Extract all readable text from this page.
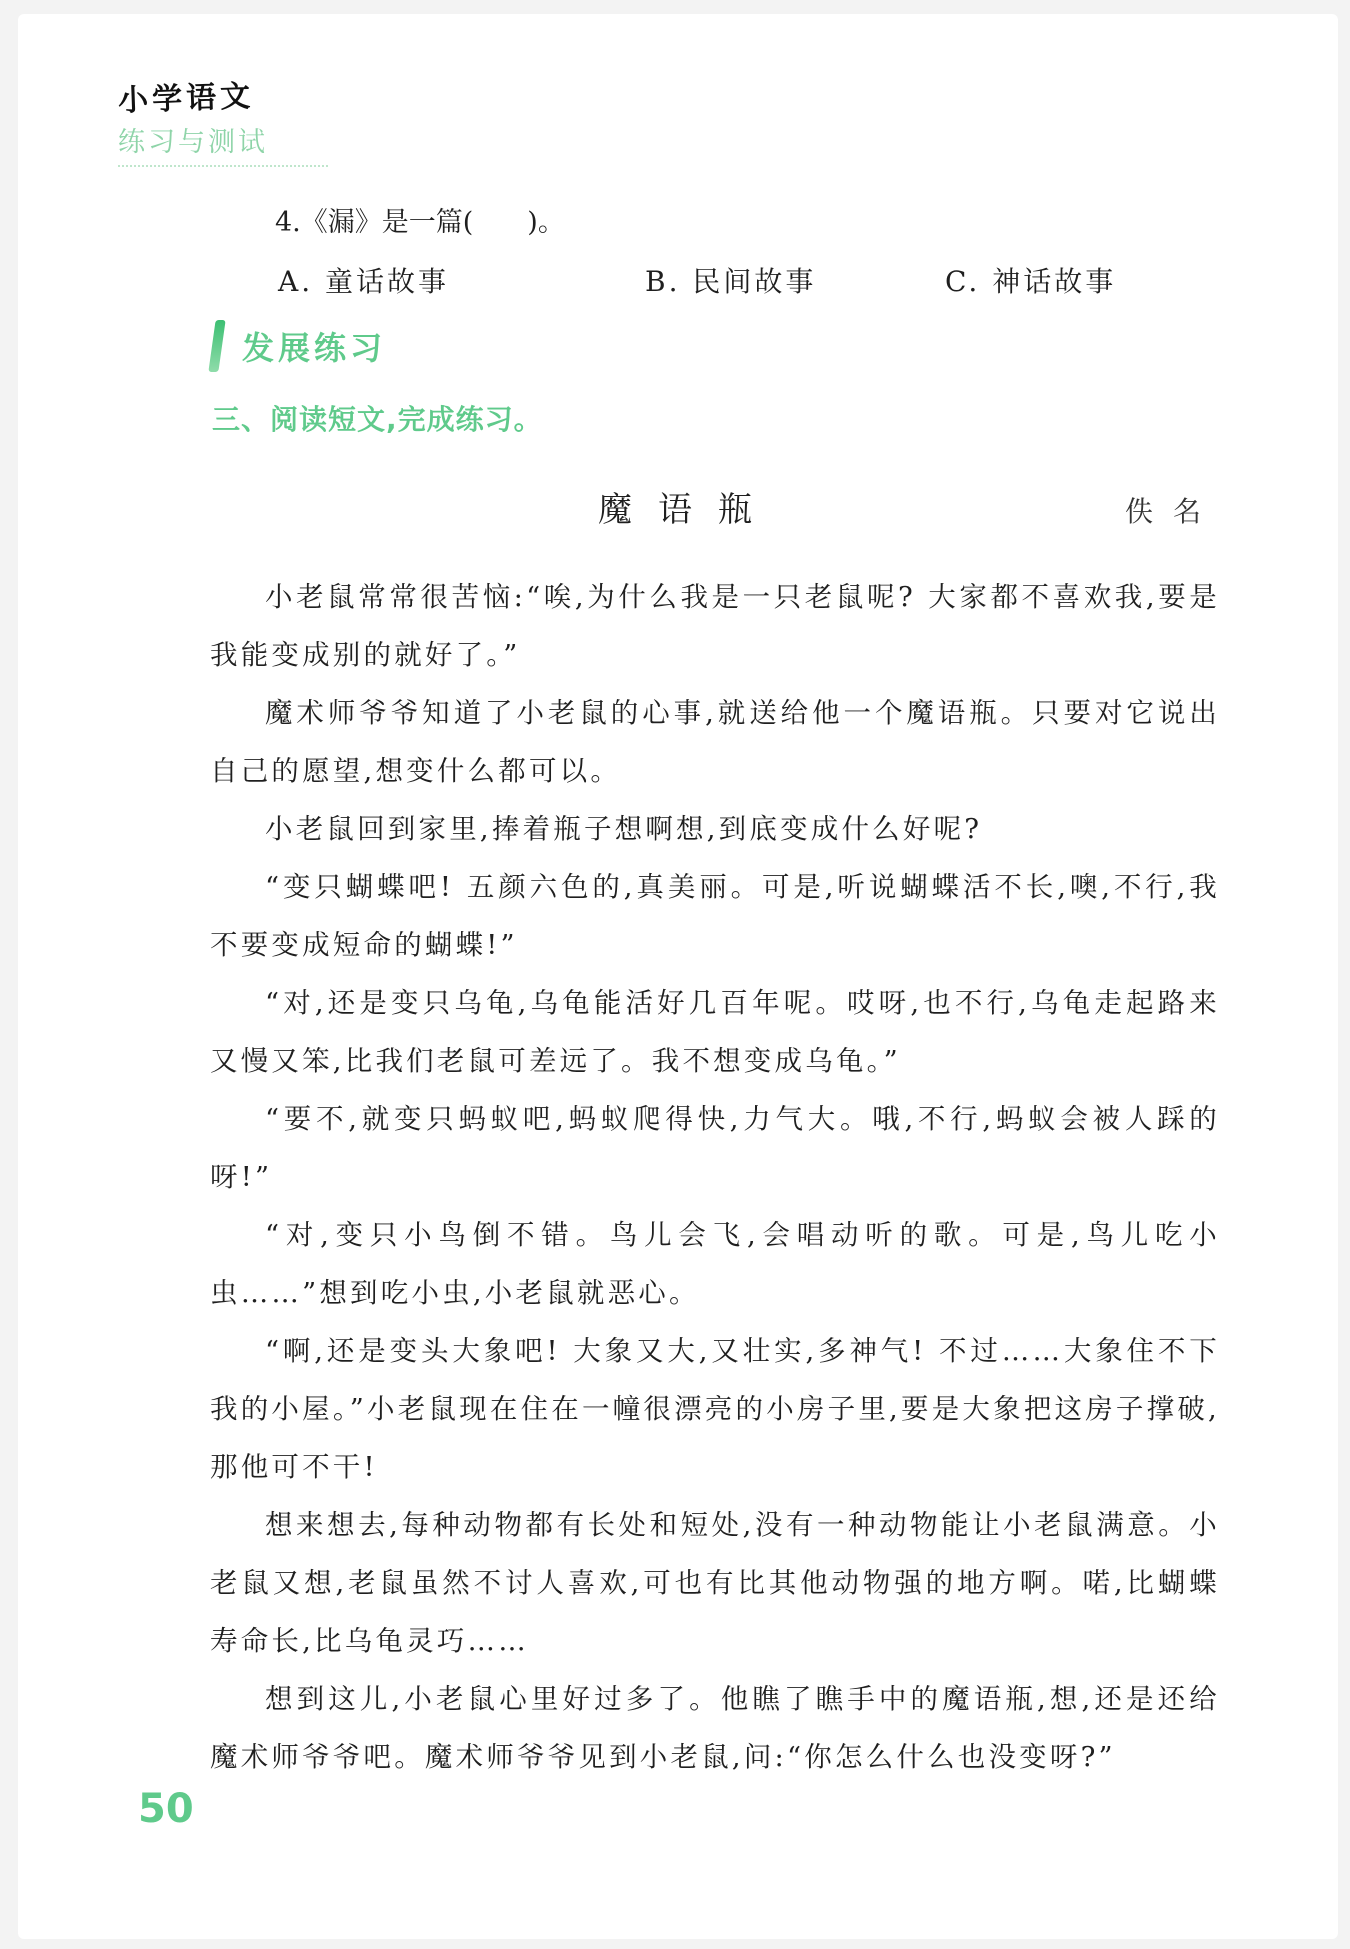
小学语文
练习与测试
4.《漏》是一篇(　　)。
A. 童话故事	B. 民间故事	C. 神话故事
发展练习
三、阅读短文,完成练习。
魔语瓶	佚名

小老鼠常常很苦恼:“唉,为什么我是一只老鼠呢? 大家都不喜欢我,要是我能变成别的就好了。”

魔术师爷爷知道了小老鼠的心事,就送给他一个魔语瓶。只要对它说出自己的愿望,想变什么都可以。

小老鼠回到家里,捧着瓶子想啊想,到底变成什么好呢?

“变只蝴蝶吧! 五颜六色的,真美丽。可是,听说蝴蝶活不长,噢,不行,我不要变成短命的蝴蝶!”

“对,还是变只乌龟,乌龟能活好几百年呢。哎呀,也不行,乌龟走起路来又慢又笨,比我们老鼠可差远了。我不想变成乌龟。”

“要不,就变只蚂蚁吧,蚂蚁爬得快,力气大。哦,不行,蚂蚁会被人踩的呀!”

“对,变只小鸟倒不错。鸟儿会飞,会唱动听的歌。可是,鸟儿吃小虫……”想到吃小虫,小老鼠就恶心。

“啊,还是变头大象吧! 大象又大,又壮实,多神气! 不过……大象住不下我的小屋。”小老鼠现在住在一幢很漂亮的小房子里,要是大象把这房子撑破,那他可不干!

想来想去,每种动物都有长处和短处,没有一种动物能让小老鼠满意。小老鼠又想,老鼠虽然不讨人喜欢,可也有比其他动物强的地方啊。喏,比蝴蝶寿命长,比乌龟灵巧……

想到这儿,小老鼠心里好过多了。他瞧了瞧手中的魔语瓶,想,还是还给魔术师爷爷吧。魔术师爷爷见到小老鼠,问:“你怎么什么也没变呀?”

50
